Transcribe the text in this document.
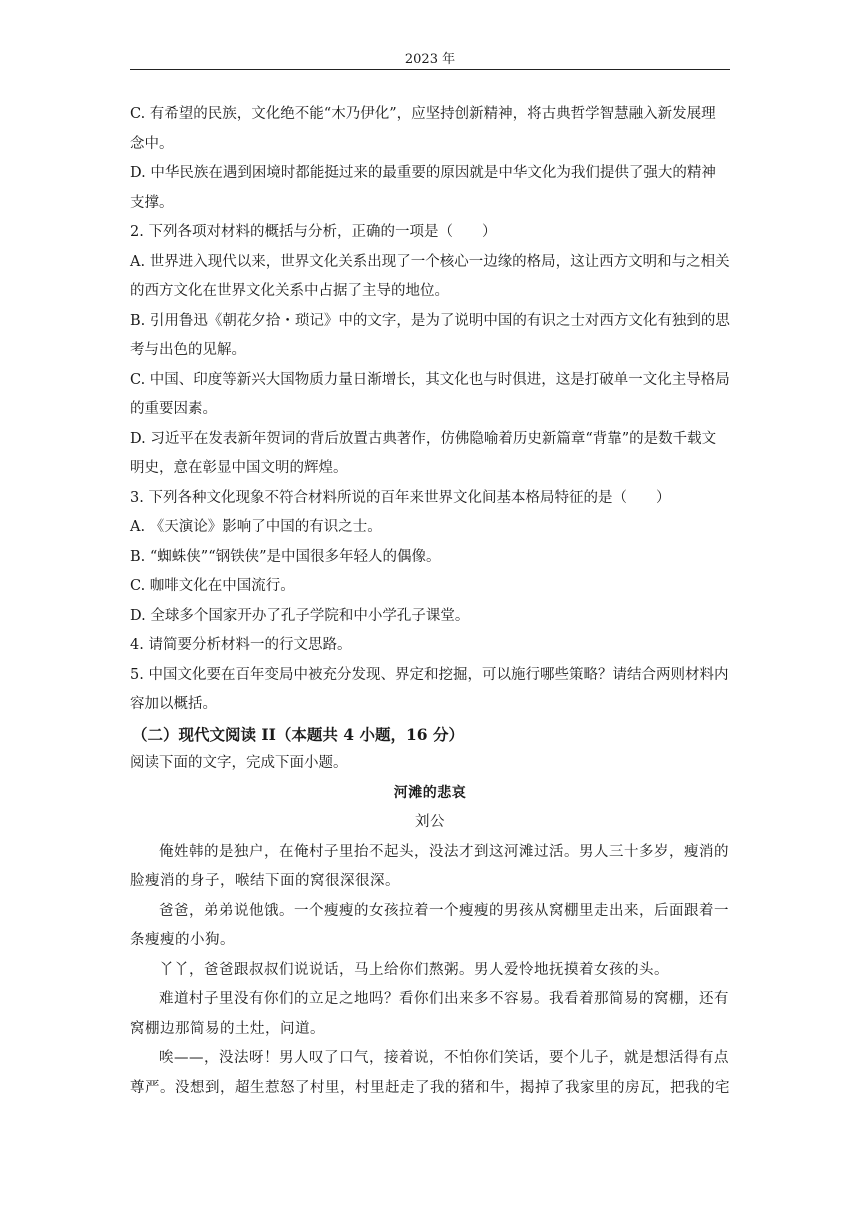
2023 年

C. 有希望的民族，文化绝不能“木乃伊化”，应坚持创新精神，将古典哲学智慧融入新发展理念中。

D. 中华民族在遇到困境时都能挺过来的最重要的原因就是中华文化为我们提供了强大的精神支撑。

2. 下列各项对材料的概括与分析，正确的一项是（　　）

A. 世界进入现代以来，世界文化关系出现了一个核心一边缘的格局，这让西方文明和与之相关的西方文化在世界文化关系中占据了主导的地位。

B. 引用鲁迅《朝花夕拾・琐记》中的文字，是为了说明中国的有识之士对西方文化有独到的思考与出色的见解。

C. 中国、印度等新兴大国物质力量日渐增长，其文化也与时俱进，这是打破单一文化主导格局的重要因素。

D. 习近平在发表新年贺词的背后放置古典著作，仿佛隐喻着历史新篇章“背靠”的是数千载文明史，意在彰显中国文明的辉煌。

3. 下列各种文化现象不符合材料所说的百年来世界文化间基本格局特征的是（　　）

A. 《天演论》影响了中国的有识之士。

B. “蜘蛛侠”“钢铁侠”是中国很多年轻人的偶像。

C. 咖啡文化在中国流行。

D. 全球多个国家开办了孔子学院和中小学孔子课堂。

4. 请简要分析材料一的行文思路。

5. 中国文化要在百年变局中被充分发现、界定和挖掘，可以施行哪些策略？请结合两则材料内容加以概括。

（二）现代文阅读 II（本题共 4 小题，16 分）

阅读下面的文字，完成下面小题。

河滩的悲哀

刘公

俺姓韩的是独户，在俺村子里抬不起头，没法才到这河滩过活。男人三十多岁，瘦消的脸瘦消的身子，喉结下面的窝很深很深。

爸爸，弟弟说他饿。一个瘦瘦的女孩拉着一个瘦瘦的男孩从窝棚里走出来，后面跟着一条瘦瘦的小狗。

丫丫，爸爸跟叔叔们说说话，马上给你们熬粥。男人爱怜地抚摸着女孩的头。

难道村子里没有你们的立足之地吗？看你们出来多不容易。我看着那简易的窝棚，还有窝棚边那简易的土灶，问道。

唉——，没法呀！男人叹了口气，接着说，不怕你们笑话，要个儿子，就是想活得有点尊严。没想到，超生惹怒了村里，村里赶走了我的猪和牛，揭掉了我家里的房瓦，把我的宅
